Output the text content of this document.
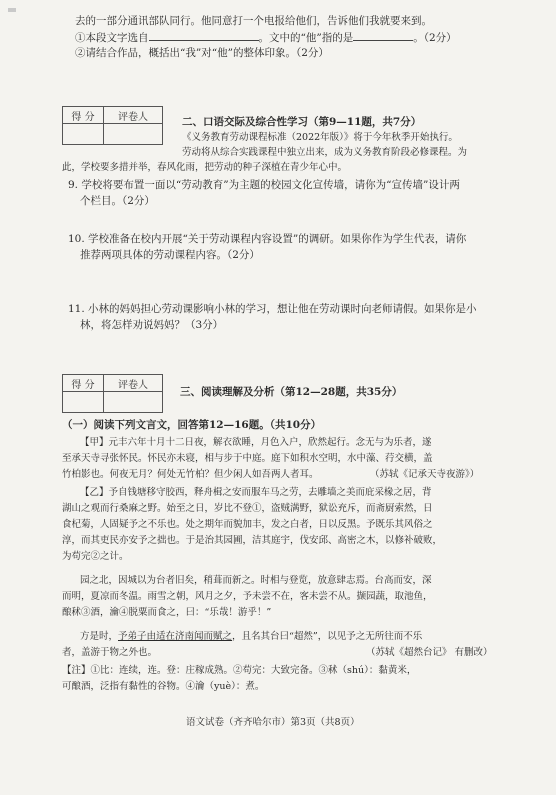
去的一部分通讯部队同行。他同意打一个电报给他们，告诉他们我就要来到。
①本段文字选自	。文中的“他”指的是	。（2分）
②请结合作品，概括出“我”对“他”的整体印象。（2分）
得 分	评卷人
		二、口语交际及综合性学习（第9—11题，共7分）
《义务教育劳动课程标准（2022年版）》将于今年秋季开始执行。
劳动将从综合实践课程中独立出来，成为义务教育阶段必修课程。为
此，学校要多措并举，春风化雨，把劳动的种子深植在青少年心中。
9. 学校将要布置一面以“劳动教育”为主题的校园文化宣传墙，请你为“宣传墙”设计两
个栏目。（2分）
10. 学校准备在校内开展“关于劳动课程内容设置”的调研。如果你作为学生代表，请你
推荐两项具体的劳动课程内容。（2分）
11. 小林的妈妈担心劳动课影响小林的学习，想让他在劳动课时向老师请假。如果你是小
林，将怎样劝说妈妈？（3分）
得 分	评卷人

三、阅读理解及分析（第12—28题，共35分）
（一）阅读下列文言文，回答第12—16题。（共10分）
【甲】元丰六年十月十二日夜，解衣欲睡，月色入户，欣然起行。念无与为乐者，遂
至承天寺寻张怀民。怀民亦未寝，相与步于中庭。庭下如积水空明，水中藻、荇交横，盖
竹柏影也。何夜无月？何处无竹柏？但少闲人如吾两人者耳。	（苏轼《记承天寺夜游》）
【乙】予自钱塘移守胶西，释舟楫之安而服车马之劳，去雕墙之美而庇采椽之居，背
湖山之观而行桑麻之野。始至之日，岁比不登①，盗贼满野，狱讼充斥，而斋厨索然，日
食杞菊，人固疑予之不乐也。处之期年而貌加丰，发之白者，日以反黑。予既乐其风俗之
淳，而其吏民亦安予之拙也。于是治其园圃，洁其庭宇，伐安邱、高密之木，以修补破败，
为苟完②之计。
园之北，因城以为台者旧矣，稍葺而新之。时相与登览，放意肆志焉。台高而安，深
而明，夏凉而冬温。雨雪之朝，风月之夕，予未尝不在，客未尝不从。撷园蔬，取池鱼，
酿秫③酒，瀹④脱粟而食之，曰：“乐哉！游乎！”
方是时，予弟子由适在济南闻而赋之，且名其台曰“超然”，以见予之无所往而不乐
者，盖游于物之外也。	（苏轼《超然台记》 有删改）
【注】①比：连续，连。登：庄稼成熟。②苟完：大致完备。③秫（shú）：黏黄米，
可酿酒，泛指有黏性的谷物。④瀹（yuè）：煮。
语文试卷（齐齐哈尔市）第3页（共8页）
